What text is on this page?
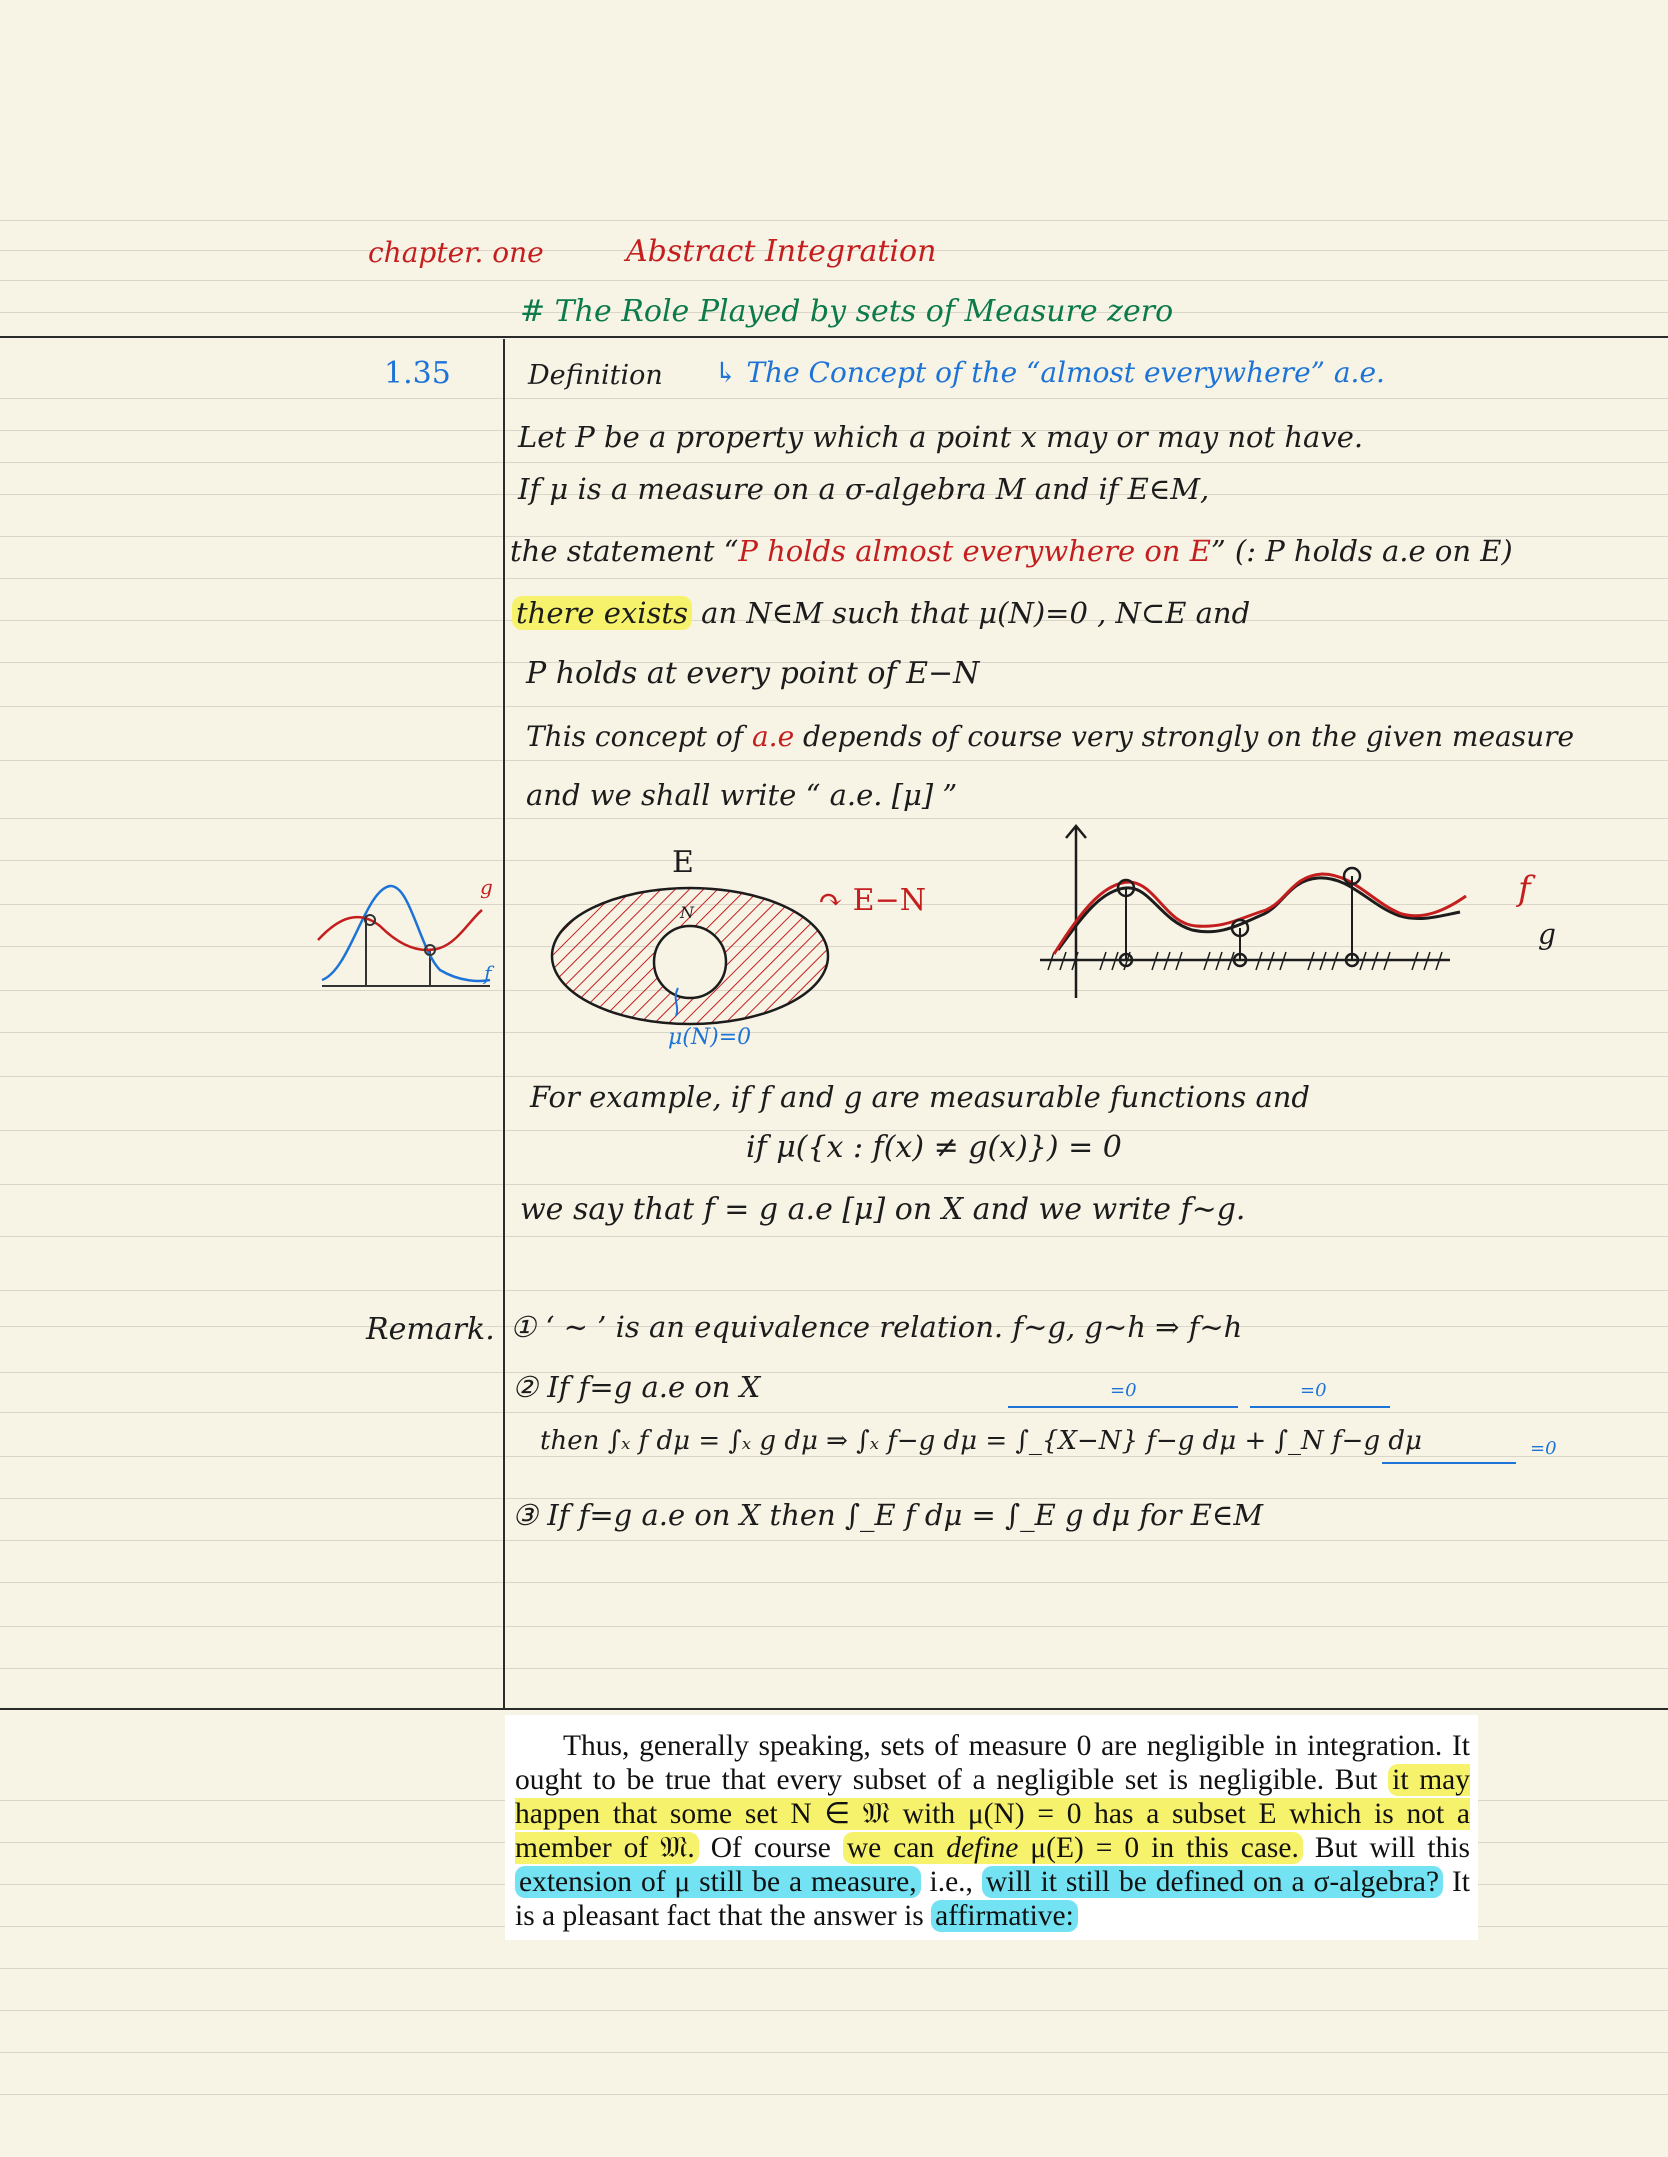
chapter. one	Abstract Integration
# The Role Played by sets of Measure zero
1.35	Definition ↳ The Concept of the “almost everywhere” a.e.
Let P be a property which a point x may or may not have.
If μ is a measure on a σ-algebra M and if E∈M,
the statement “P holds almost everywhere on E” (: P holds a.e on E)
there exists an N∈M such that μ(N)=0 , N⊂E and
P holds at every point of E−N
This concept of a.e depends of course very strongly on the given measure
and we shall write “ a.e. [μ] ”
g
f
E
N
μ(N)=0
↷ E−N	f
g
For example, if f and g are measurable functions and
if μ({x : f(x) ≠ g(x)}) = 0
we say that f = g a.e [μ] on X and we write f∼g.
Remark. ① ‘ ∼ ’ is an equivalence relation. f∼g, g∼h ⇒ f∼h
② If f=g a.e on X	=0	=0
then ∫ₓ f dμ = ∫ₓ g dμ ⇒ ∫ₓ f−g dμ = ∫_{X−N} f−g dμ + ∫_N f−g dμ	=0
③ If f=g a.e on X then ∫_E f dμ = ∫_E g dμ for E∈M

Thus, generally speaking, sets of measure 0 are negligible in integration. It ought to be true that every subset of a negligible set is negligible. But it may happen that some set N ∈ 𝔐 with μ(N) = 0 has a subset E which is not a member of 𝔐. Of course we can define μ(E) = 0 in this case. But will this extension of μ still be a measure, i.e., will it still be defined on a σ-algebra? It is a pleasant fact that the answer is affirmative:
